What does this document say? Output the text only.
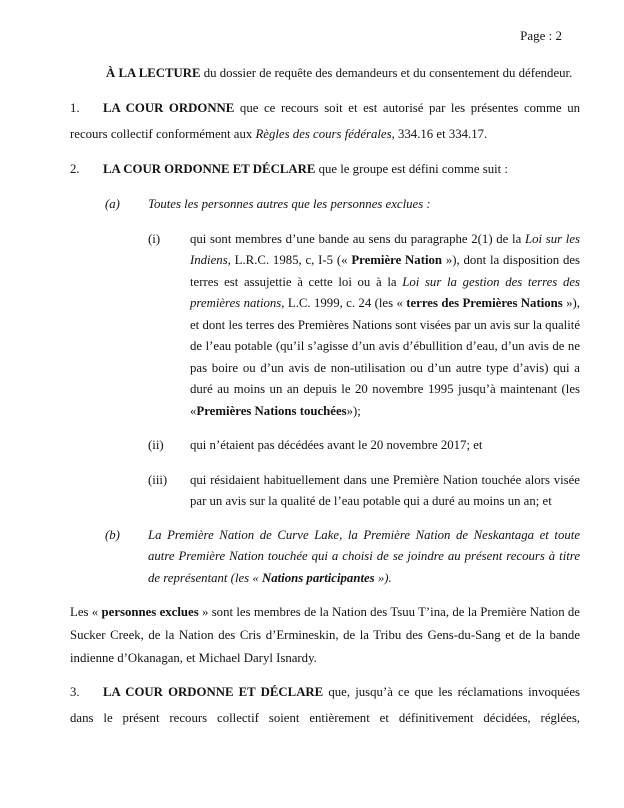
Page : 2

À LA LECTURE du dossier de requête des demandeurs et du consentement du défendeur.

1. LA COUR ORDONNE que ce recours soit et est autorisé par les présentes comme un recours collectif conformément aux Règles des cours fédérales, 334.16 et 334.17.

2. LA COUR ORDONNE ET DÉCLARE que le groupe est défini comme suit :

(a)	Toutes les personnes autres que les personnes exclues :
(i)	qui sont membres d’une bande au sens du paragraphe 2(1) de la Loi sur les Indiens, L.R.C. 1985, c, I-5 (« Première Nation »), dont la disposition des terres est assujettie à cette loi ou à la Loi sur la gestion des terres des premières nations, L.C. 1999, c. 24 (les « terres des Premières Nations »), et dont les terres des Premières Nations sont visées par un avis sur la qualité de l’eau potable (qu’il s’agisse d’un avis d’ébullition d’eau, d’un avis de ne pas boire ou d’un avis de non-utilisation ou d’un autre type d’avis) qui a duré au moins un an depuis le 20 novembre 1995 jusqu’à maintenant (les «Premières Nations touchées»);
(ii)	qui n’étaient pas décédées avant le 20 novembre 2017; et
(iii)	qui résidaient habituellement dans une Première Nation touchée alors visée par un avis sur la qualité de l’eau potable qui a duré au moins un an; et
(b)	La Première Nation de Curve Lake, la Première Nation de Neskantaga et toute autre Première Nation touchée qui a choisi de se joindre au présent recours à titre de représentant (les « Nations participantes »).

Les « personnes exclues » sont les membres de la Nation des Tsuu T’ina, de la Première Nation de Sucker Creek, de la Nation des Cris d’Ermineskin, de la Tribu des Gens-du-Sang et de la bande indienne d’Okanagan, et Michael Daryl Isnardy.

3. LA COUR ORDONNE ET DÉCLARE que, jusqu’à ce que les réclamations invoquées dans le présent recours collectif soient entièrement et définitivement décidées, réglées,
